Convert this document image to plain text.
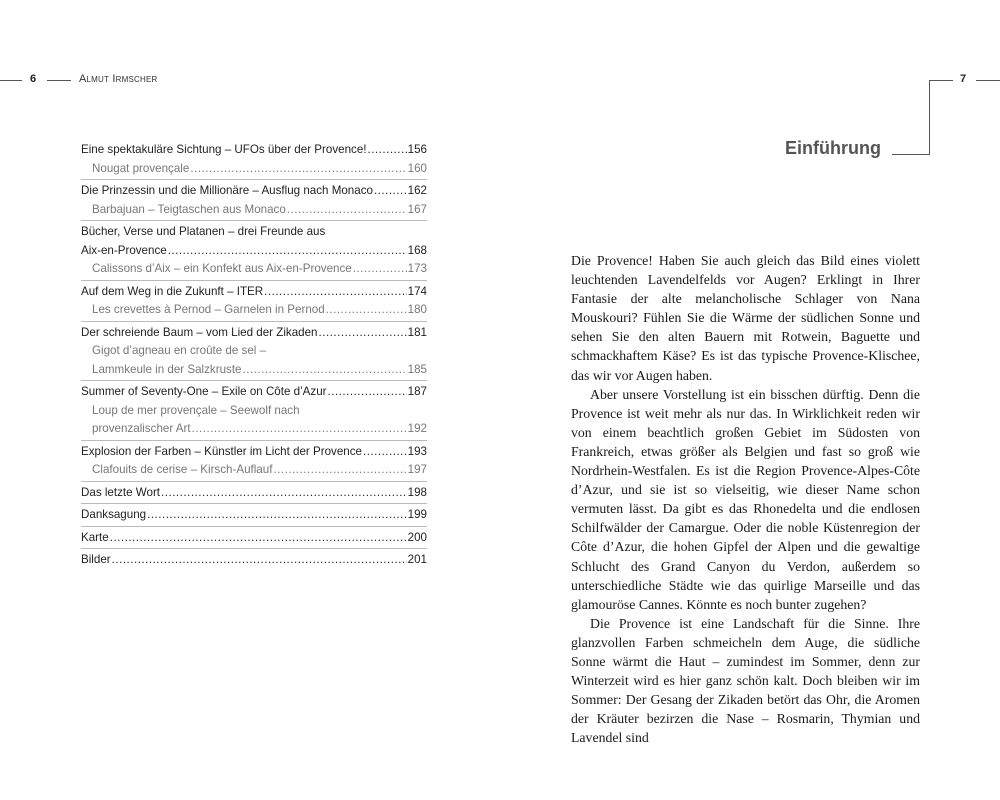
6	Almut Irmscher
Eine spektakuläre Sichtung – UFOs über der Provence! .....	156
Nougat provençale .....	160
Die Prinzessin und die Millionäre – Ausflug nach Monaco .....	162
Barbajuan – Teigtaschen aus Monaco .....	167
Bücher, Verse und Platanen – drei Freunde aus
Aix-en-Provence .....	168
Calissons d’Aix – ein Konfekt aus Aix-en-Provence .....	173
Auf dem Weg in die Zukunft – ITER .....	174
Les crevettes à Pernod – Garnelen in Pernod .....	180
Der schreiende Baum – vom Lied der Zikaden .....	181
Gigot d’agneau en croûte de sel –
Lammkeule in der Salzkruste .....	185
Summer of Seventy-One – Exile on Côte d’Azur .....	187
Loup de mer provençale – Seewolf nach
provenzalischer Art .....	192
Explosion der Farben – Künstler im Licht der Provence .....	193
Clafouits de cerise – Kirsch-Auflauf .....	197
Das letzte Wort .....	198
Danksagung .....	199
Karte .....	200
Bilder .....	201
7
Einführung

Die Provence! Haben Sie auch gleich das Bild eines violett leuchtenden Lavendelfelds vor Augen? Erklingt in Ihrer Fantasie der alte melancholische Schlager von Nana Mouskouri? Fühlen Sie die Wärme der südlichen Sonne und sehen Sie den alten Bauern mit Rotwein, Baguette und schmackhaftem Käse? Es ist das typische Provence-Klischee, das wir vor Augen haben.

Aber unsere Vorstellung ist ein bisschen dürftig. Denn die Provence ist weit mehr als nur das. In Wirklichkeit reden wir von einem beachtlich großen Gebiet im Südosten von Frankreich, etwas größer als Belgien und fast so groß wie Nordrhein-Westfalen. Es ist die Region Provence-Alpes-Côte d’Azur, und sie ist so vielseitig, wie dieser Name schon vermuten lässt. Da gibt es das Rhonedelta und die endlosen Schilfwälder der Camargue. Oder die noble Küstenregion der Côte d’Azur, die hohen Gipfel der Alpen und die gewaltige Schlucht des Grand Canyon du Verdon, außerdem so unterschiedliche Städte wie das quirlige Marseille und das glamouröse Cannes. Könnte es noch bunter zugehen?

Die Provence ist eine Landschaft für die Sinne. Ihre glanzvollen Farben schmeicheln dem Auge, die südliche Sonne wärmt die Haut – zumindest im Sommer, denn zur Winterzeit wird es hier ganz schön kalt. Doch bleiben wir im Sommer: Der Gesang der Zikaden betört das Ohr, die Aromen der Kräuter bezirzen die Nase – Rosmarin, Thymian und Lavendel sind
